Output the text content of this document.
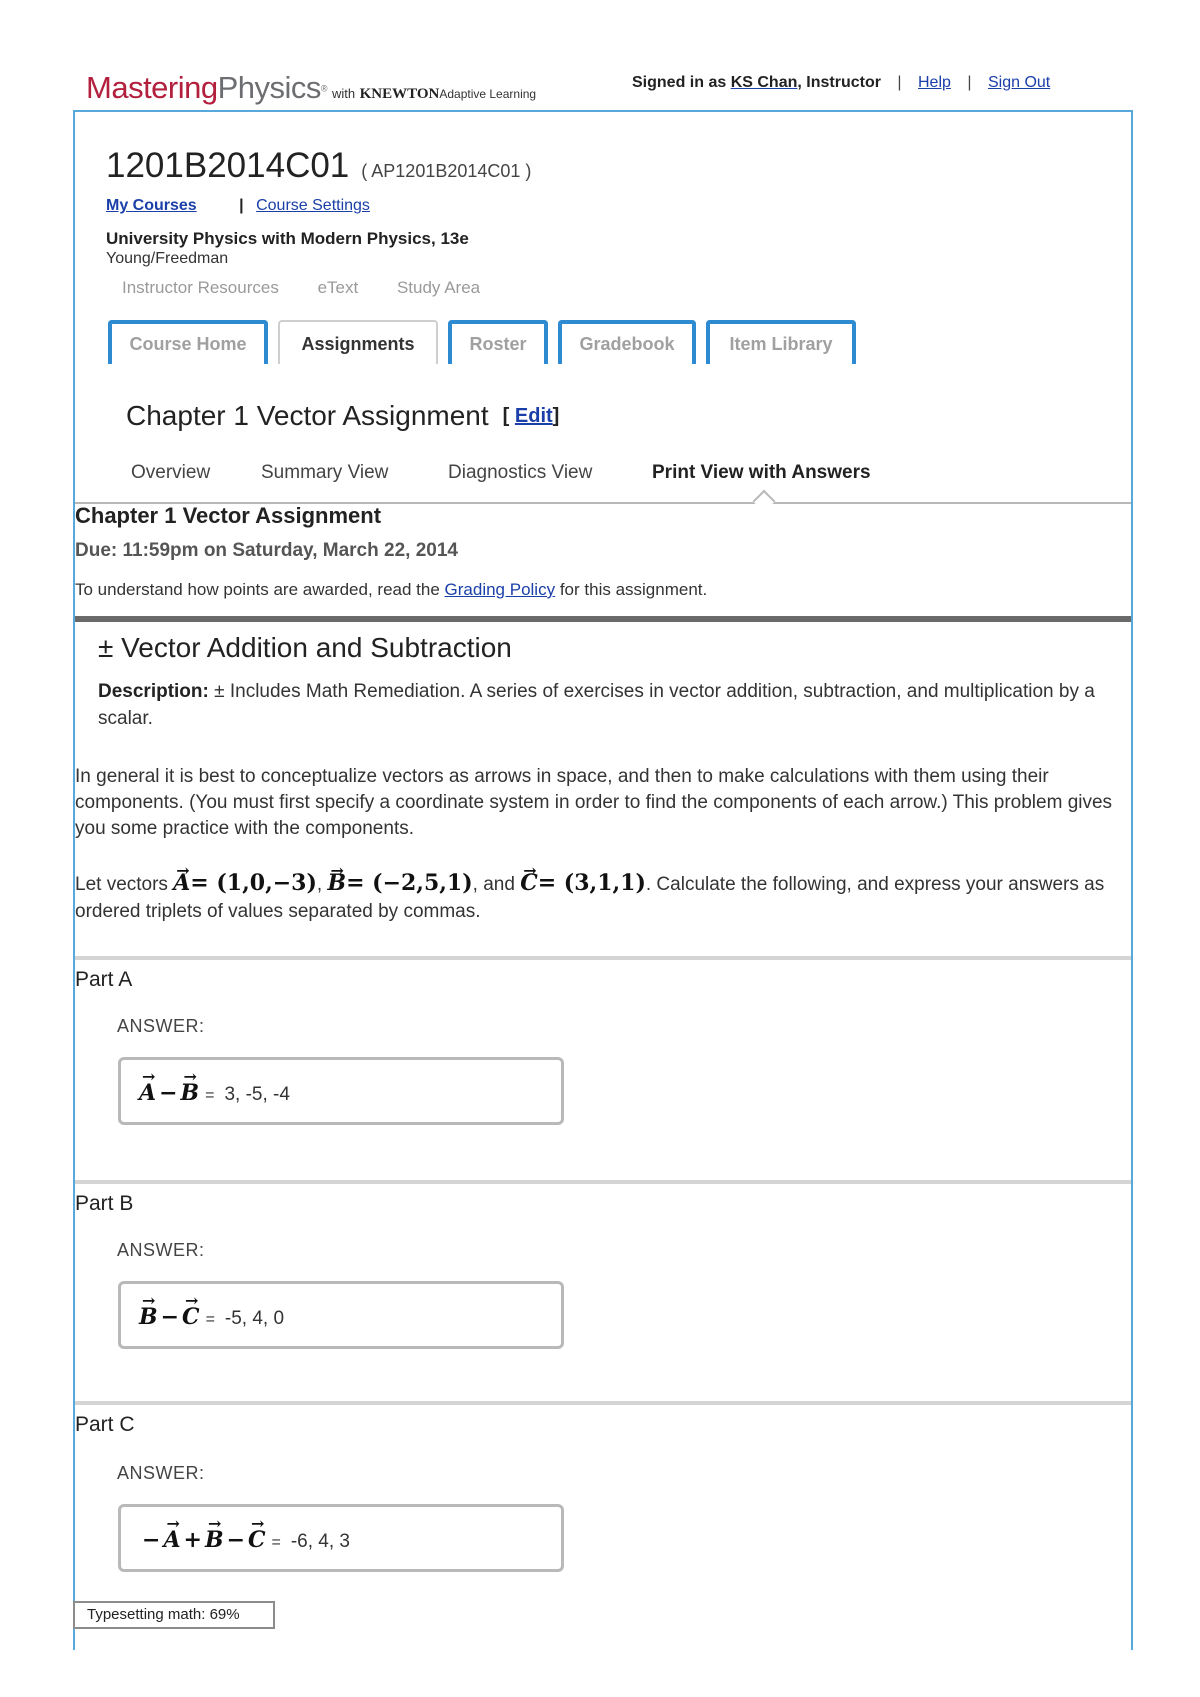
MasteringPhysics® with KNEWTONAdaptive Learning
Signed in as KS Chan, Instructor | Help | Sign Out
1201B2014C01 ( AP1201B2014C01 )
My Courses	| Course Settings
University Physics with Modern Physics, 13e
Young/Freedman
Instructor Resources eText Study Area
Course Home	Assignments	Roster	Gradebook	Item Library
Chapter 1 Vector Assignment [ Edit]
Overview	Summary View	Diagnostics View	Print View with Answers
Chapter 1 Vector Assignment
Due: 11:59pm on Saturday, March 22, 2014
To understand how points are awarded, read the Grading Policy for this assignment.
± Vector Addition and Subtraction
Description: ± Includes Math Remediation. A series of exercises in vector addition, subtraction, and multiplication by a scalar.
In general it is best to conceptualize vectors as arrows in space, and then to make calculations with them using their components. (You must first specify a coordinate system in order to find the components of each arrow.) This problem gives you some practice with the components.
Let vectors → A= (1,0,−3), → B= (−2,5,1), and → C= (3,1,1). Calculate the following, and express your answers as ordered triplets of values separated by commas.
Part A
ANSWER:
→ A − → B = 3, -5, -4
Part B
ANSWER:
→ B − → C = -5, 4, 0
Part C
ANSWER:
− → A + → B − → C = -6, 4, 3
Typesetting math: 69%
